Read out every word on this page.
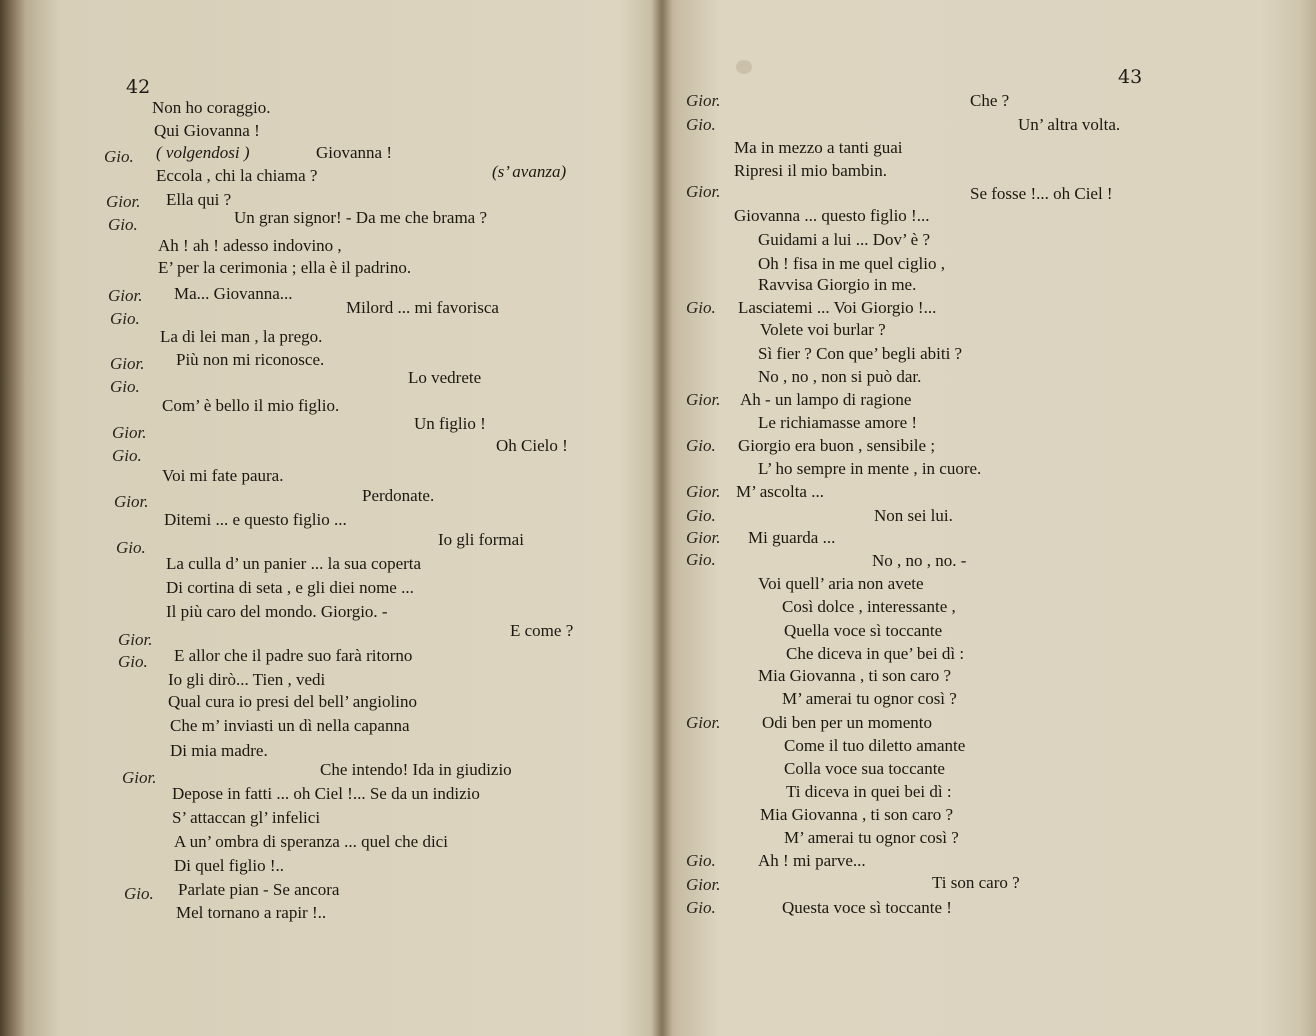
42
Gio.
Gior.
Gio.
Gior.
Gio.
Gior.
Gio.
Gior.
Gio.
Gior.
Gio.
Gior.
Gio.
Gior.
Gio.
Non ho coraggio.
Qui Giovanna !
( volgendosi )	Giovanna !
Eccola , chi la chiama ?	(s’ avanza)
Ella qui ?
Un gran signor! - Da me che brama ?
Ah ! ah ! adesso indovino ,
E’ per la cerimonia ; ella è il padrino.
Ma... Giovanna...
Milord ... mi favorisca
La di lei man , la prego.
Più non mi riconosce.
Lo vedrete
Com’ è bello il mio figlio.
Un figlio !
Oh Cielo !
Voi mi fate paura.
Perdonate.
Ditemi ... e questo figlio ...
Io gli formai
La culla d’ un panier ... la sua coperta
Di cortina di seta , e gli diei nome ...
Il più caro del mondo. Giorgio. -
E come ?
E allor che il padre suo farà ritorno
Io gli dirò... Tien , vedi
Qual cura io presi del bell’ angiolino
Che m’ inviasti un dì nella capanna
Di mia madre.
Che intendo! Ida in giudizio
Depose in fatti ... oh Ciel !... Se da un indizio
S’ attaccan gl’ infelici
A un’ ombra di speranza ... quel che dici
Di quel figlio !..
Parlate pian - Se ancora
Mel tornano a rapir !..
43
Gior.
Gio.
Gior.
Gio.
Gior.
Gio.
Gior.
Gio.
Gior.
Gio.
Gior.
Gio.
Gior.
Gio.
Che ?
Un’ altra volta.
Ma in mezzo a tanti guai
Ripresi il mio bambin.
Se fosse !... oh Ciel !
Giovanna ... questo figlio !...
Guidami a lui ... Dov’ è ?
Oh ! fisa in me quel ciglio ,
Ravvisa Giorgio in me.
Lasciatemi ... Voi Giorgio !...
Volete voi burlar ?
Sì fier ? Con que’ begli abiti ?
No , no , non si può dar.
Ah - un lampo di ragione
Le richiamasse amore !
Giorgio era buon , sensibile ;
L’ ho sempre in mente , in cuore.
M’ ascolta ...
Non sei lui.
Mi guarda ...
No , no , no. -
Voi quell’ aria non avete
Così dolce , interessante ,
Quella voce sì toccante
Che diceva in que’ bei dì :
Mia Giovanna , ti son caro ?
M’ amerai tu ognor così ?
Odi ben per un momento
Come il tuo diletto amante
Colla voce sua toccante
Ti diceva in quei bei dì :
Mia Giovanna , ti son caro ?
M’ amerai tu ognor così ?
Ah ! mi parve...
Ti son caro ?
Questa voce sì toccante !
